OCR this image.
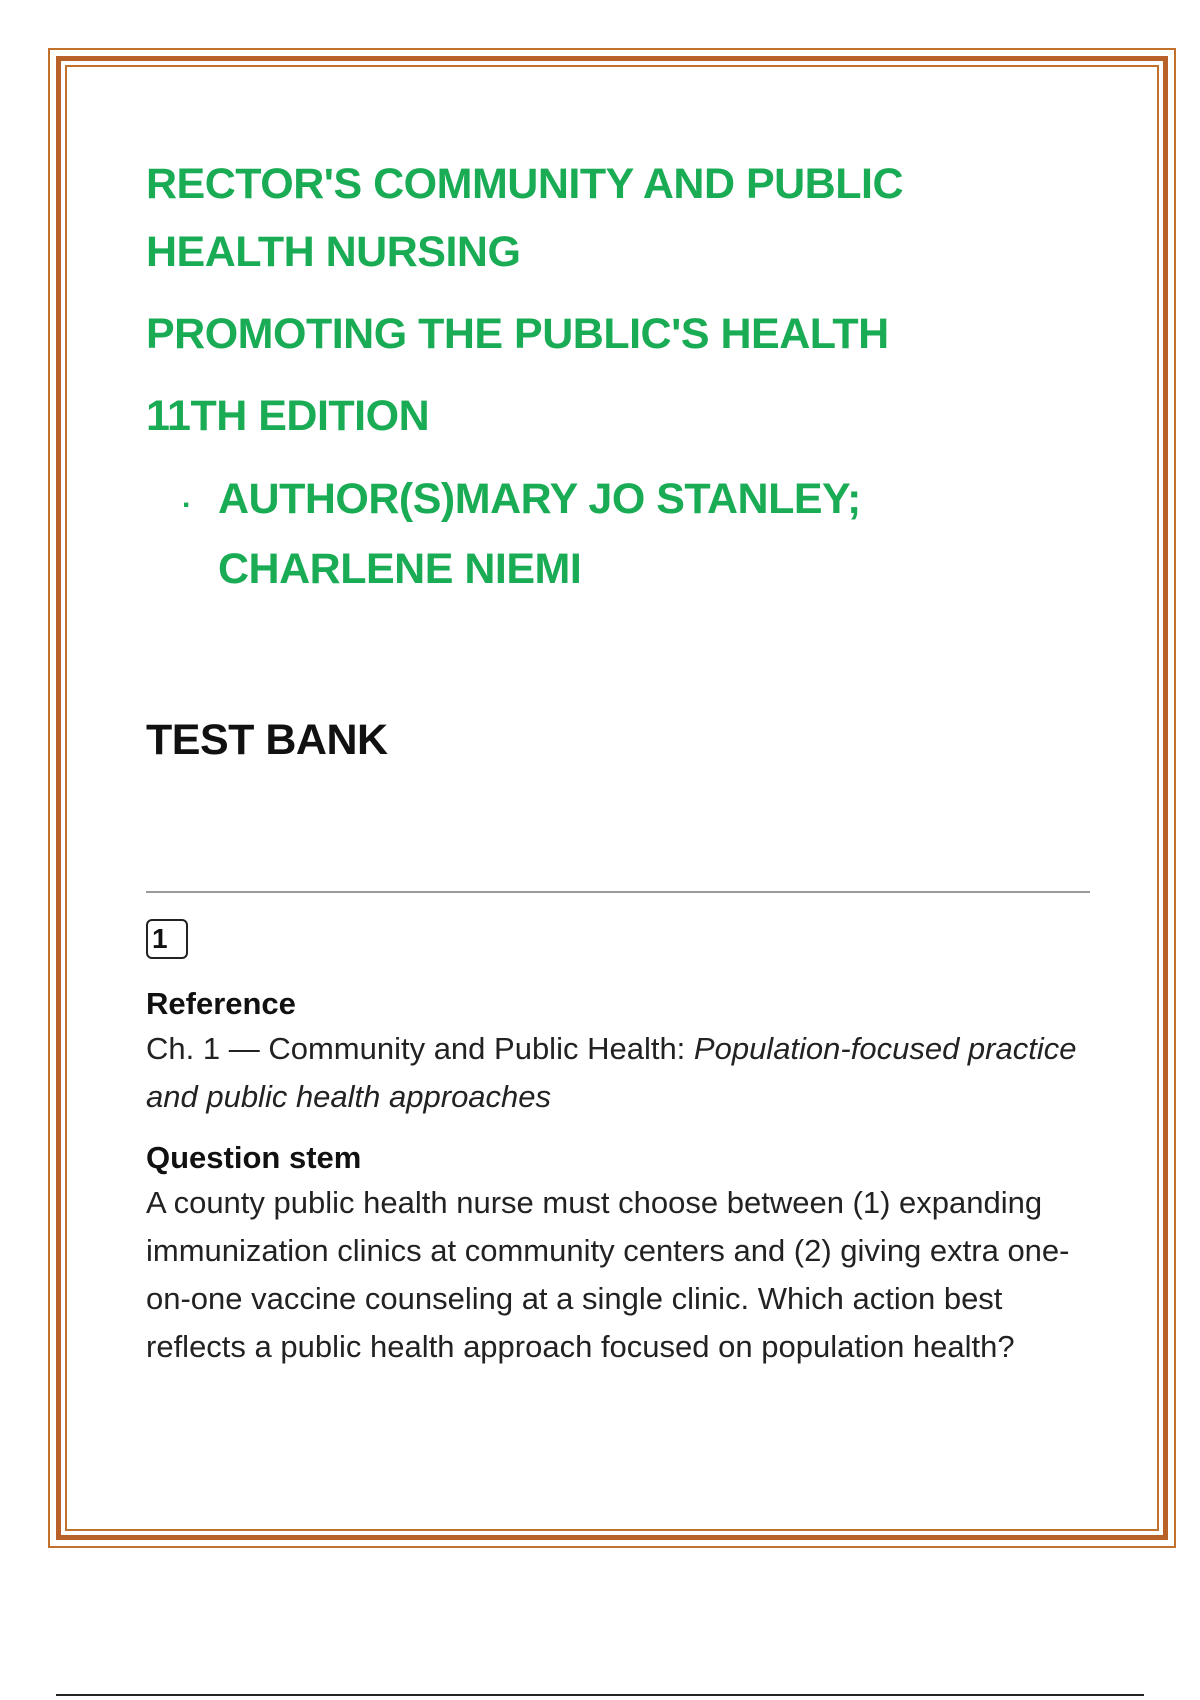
RECTOR'S COMMUNITY AND PUBLIC

HEALTH NURSING

PROMOTING THE PUBLIC'S HEALTH

11TH EDITION

. AUTHOR(S)MARY JO STANLEY;
CHARLENE NIEMI
TEST BANK
1
Reference
Ch. 1 — Community and Public Health: Population-focused practice and public health approaches
Question stem
A county public health nurse must choose between (1) expanding immunization clinics at community centers and (2) giving extra one-on-one vaccine counseling at a single clinic. Which action best reflects a public health approach focused on population health?
